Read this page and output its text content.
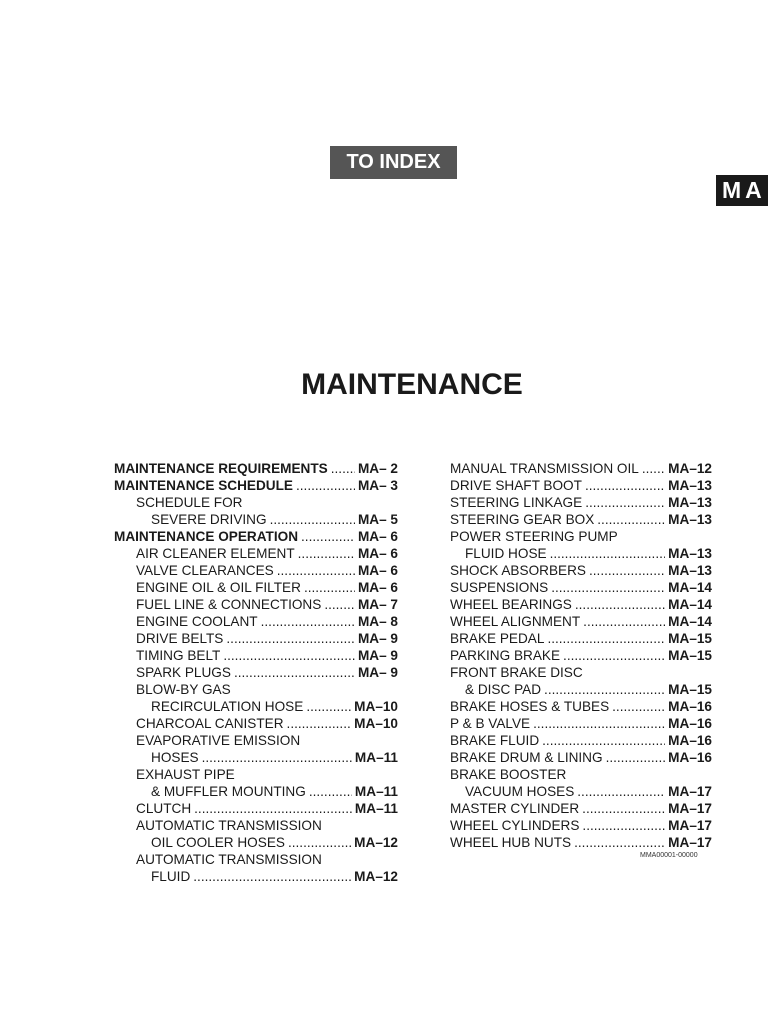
TO INDEX
MA
MAINTENANCE
MAINTENANCE REQUIREMENTS ..... MA– 2
MAINTENANCE SCHEDULE .....	MA– 3
SCHEDULE FOR
SEVERE DRIVING .....	MA– 5
MAINTENANCE OPERATION .....	MA– 6
AIR CLEANER ELEMENT .....	MA– 6
VALVE CLEARANCES .....	MA– 6
ENGINE OIL & OIL FILTER .....	MA– 6
FUEL LINE & CONNECTIONS .....	MA– 7
ENGINE COOLANT .....	MA– 8
DRIVE BELTS .....	MA– 9
TIMING BELT .....	MA– 9
SPARK PLUGS .....	MA– 9
BLOW-BY GAS
RECIRCULATION HOSE .....	MA–10
CHARCOAL CANISTER .....	MA–10
EVAPORATIVE EMISSION
HOSES .....	MA–11
EXHAUST PIPE
& MUFFLER MOUNTING .....	MA–11
CLUTCH .....	MA–11
AUTOMATIC TRANSMISSION
OIL COOLER HOSES .....	MA–12
AUTOMATIC TRANSMISSION
FLUID .....	MA–12
MANUAL TRANSMISSION OIL ..... MA–12
DRIVE SHAFT BOOT .....	MA–13
STEERING LINKAGE .....	MA–13
STEERING GEAR BOX .....	MA–13
POWER STEERING PUMP
FLUID HOSE .....	MA–13
SHOCK ABSORBERS .....	MA–13
SUSPENSIONS .....	MA–14
WHEEL BEARINGS .....	MA–14
WHEEL ALIGNMENT .....	MA–14
BRAKE PEDAL .....	MA–15
PARKING BRAKE .....	MA–15
FRONT BRAKE DISC
& DISC PAD .....	MA–15
BRAKE HOSES & TUBES .....	MA–16
P & B VALVE .....	MA–16
BRAKE FLUID .....	MA–16
BRAKE DRUM & LINING .....	MA–16
BRAKE BOOSTER
VACUUM HOSES .....	MA–17
MASTER CYLINDER .....	MA–17
WHEEL CYLINDERS .....	MA–17
WHEEL HUB NUTS .....	MA–17
MMA00001-00000
